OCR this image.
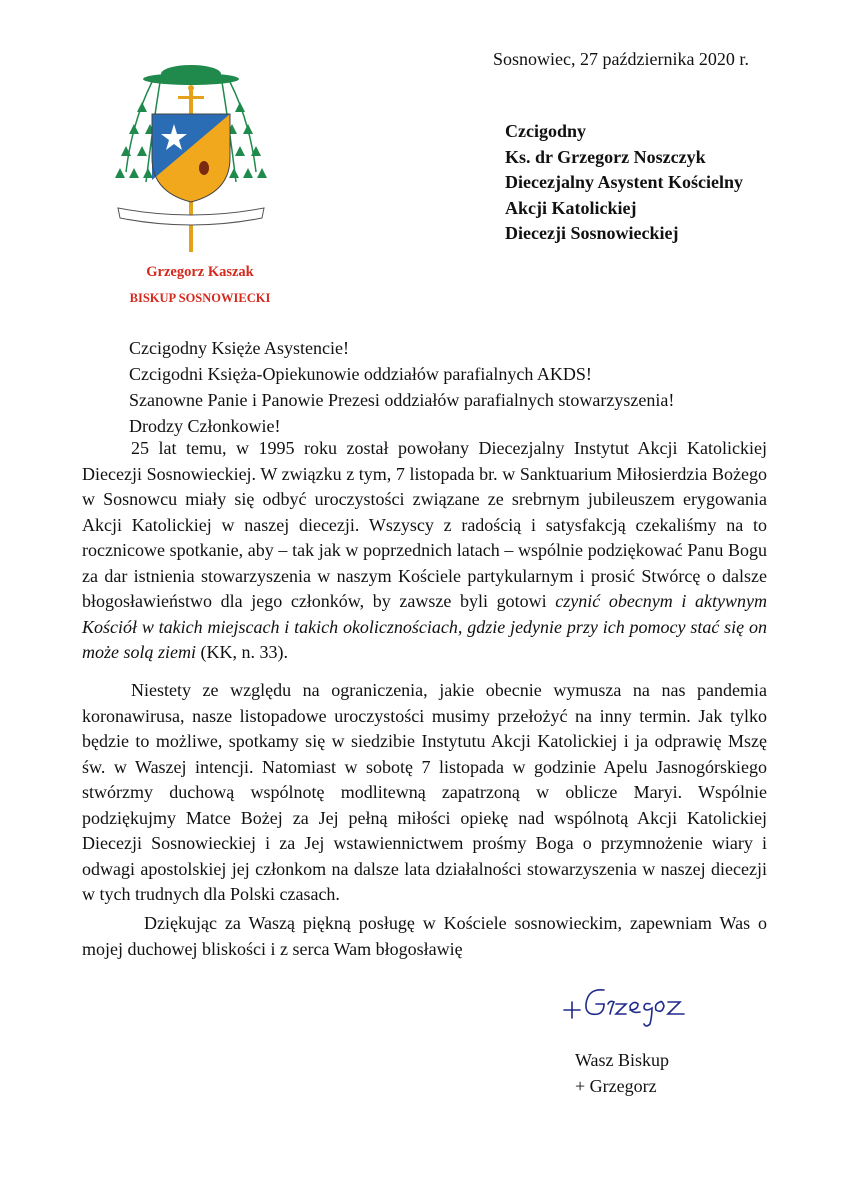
Sosnowiec, 27 października 2020 r.
Czcigodny
Ks. dr Grzegorz Noszczyk
Diecezjalny Asystent Kościelny
Akcji Katolickiej
Diecezji Sosnowieckiej
Grzegorz Kaszak
BISKUP SOSNOWIECKI
Czcigodny Księże Asystencie!
Czcigodni Księża-Opiekunowie oddziałów parafialnych AKDS!
Szanowne Panie i Panowie Prezesi oddziałów parafialnych stowarzyszenia!
Drodzy Członkowie!
25 lat temu, w 1995 roku został powołany Diecezjalny Instytut Akcji Katolickiej Diecezji Sosnowieckiej. W związku z tym, 7 listopada br. w Sanktuarium Miłosierdzia Bożego w Sosnowcu miały się odbyć uroczystości związane ze srebrnym jubileuszem erygowania Akcji Katolickiej w naszej diecezji. Wszyscy z radością i satysfakcją czekaliśmy na to rocznicowe spotkanie, aby – tak jak w poprzednich latach – wspólnie podziękować Panu Bogu za dar istnienia stowarzyszenia w naszym Kościele partykularnym i prosić Stwórcę o dalsze błogosławieństwo dla jego członków, by zawsze byli gotowi czynić obecnym i aktywnym Kościół w takich miejscach i takich okolicznościach, gdzie jedynie przy ich pomocy stać się on może solą ziemi (KK, n. 33).
Niestety ze względu na ograniczenia, jakie obecnie wymusza na nas pandemia koronawirusa, nasze listopadowe uroczystości musimy przełożyć na inny termin. Jak tylko będzie to możliwe, spotkamy się w siedzibie Instytutu Akcji Katolickiej i ja odprawię Mszę św. w Waszej intencji. Natomiast w sobotę 7 listopada w godzinie Apelu Jasnogórskiego stwórzmy duchową wspólnotę modlitewną zapatrzoną w oblicze Maryi. Wspólnie podziękujmy Matce Bożej za Jej pełną miłości opiekę nad wspólnotą Akcji Katolickiej Diecezji Sosnowieckiej i za Jej wstawiennictwem prośmy Boga o przymnożenie wiary i odwagi apostolskiej jej członkom na dalsze lata działalności stowarzyszenia w naszej diecezji w tych trudnych dla Polski czasach.
Dziękując za Waszą piękną posługę w Kościele sosnowieckim, zapewniam Was o mojej duchowej bliskości i z serca Wam błogosławię
Wasz Biskup
+ Grzegorz
